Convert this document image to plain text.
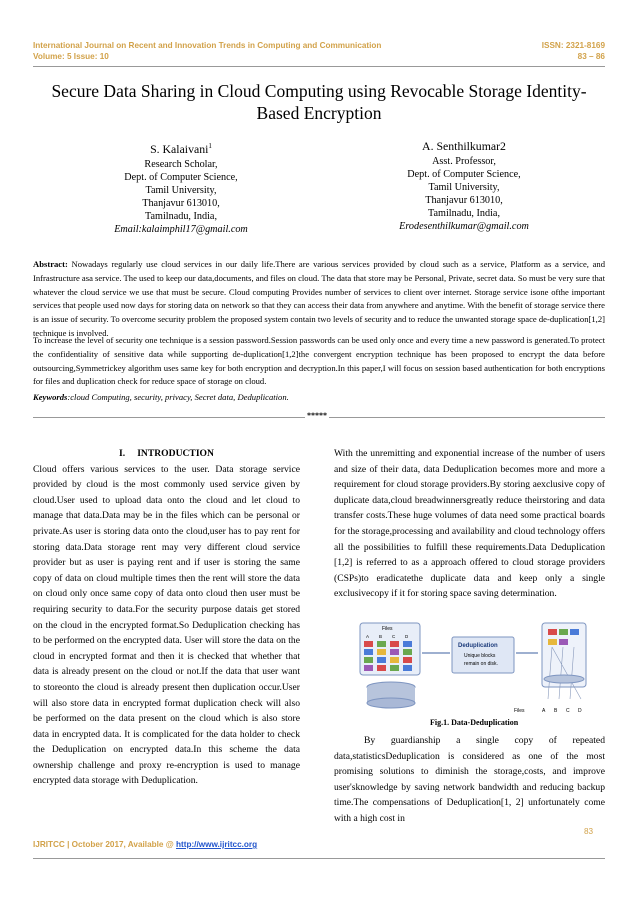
International Journal on Recent and Innovation Trends in Computing and Communication
Volume: 5 Issue: 10
ISSN: 2321-8169
83 – 86
Secure Data Sharing in Cloud Computing using Revocable Storage Identity-
Based Encryption
S. Kalaivani$^1$
Research Scholar,
Dept. of Computer Science,
Tamil University,
Thanjavur 613010,
Tamilnadu, India,
Email:kalaimphil17@gmail.com
A. Senthilkumar2
Asst. Professor,
Dept. of Computer Science,
Tamil University,
Thanjavur 613010,
Tamilnadu, India,
Erodesenthilkumar@gmail.com
Abstract: Nowadays regularly use cloud services in our daily life.There are various services provided by cloud such as a service, Platform as a service, and Infrastructure asa service. The used to keep our data,documents, and files on cloud. The data that store may be Personal, Private, secret data. So must be very sure that whatever the cloud service we use that must be secure. Cloud computing Provides number of services to client over internet. Storage service isone ofthe important services that people used now days for storing data on network so that they can access their data from anywhere and anytime. With the benefit of storage service there is an issue of security. To overcome security problem the proposed system contain two levels of security and to reduce the unwanted storage space de-duplication[1,2] technique is involved.
To increase the level of security one technique is a session password.Session passwords can be used only once and every time a new password is generated.To protect the confidentiality of sensitive data while supporting de-duplication[1,2]the convergent encryption technique has been proposed to encrypt the data before outsourcing,Symmetrickey algorithm uses same key for both encryption and decryption.In this paper,I will focus on session based authentication for both encryptions for files and duplication check for reduce space of storage on cloud.
Keywords:cloud Computing, security, privacy, Secret data, Deduplication.
*****
I. INTRODUCTION

Cloud offers various services to the user. Data storage service provided by cloud is the most commonly used service given by cloud.User used to upload data onto the cloud and let cloud to manage that data.Data may be in the files which can be personal or private.As user is storing data onto the cloud,user has to pay rent for storing data.Data storage rent may very different cloud service provider but as user is paying rent and if user is storing the same copy of data on cloud multiple times then the rent will store the data on cloud only once same copy of data onto cloud then user must be requiring security to data.For the security purpose datais get stored on the cloud in the encrypted format.So Deduplication checking has to be performed on the encrypted data. User will store the data on the cloud in encrypted format and then it is checked that whether that data is already present on the cloud or not.If the data that user want to storeonto the cloud is already present then duplication occur.User will also store data in encrypted format duplication check will also be performed on the data present on the cloud which is also store data in encrypted data. It is complicated for the data holder to check the Deduplication on encrypted data.In this scheme the data ownership challenge and proxy re-encryption is used to manage encrypted data storage with Deduplication.

With the unremitting and exponential increase of the number of users and size of their data, data Deduplication becomes more and more a requirement for cloud storage providers.By storing aexclusive copy of duplicate data,cloud breadwinnersgreatly reduce theirstoring and data transfer costs.These huge volumes of data need some practical boards for the storage,processing and availability and cloud technology offers all the possibilities to fulfill these requirements.Data Deduplication [1,2] is referred to as a approach offered to cloud storage providers (CSPs)to eradicatethe duplicate data and keep only a single exclusivecopy if it for storing space saving determination.

Files
A B C D
Deduplication
Unique blocks
remain on disk.
Files	A B C D
Fig.1. Data-Deduplication

By guardianship a single copy of repeated data,statisticsDeduplication is considered as one of the most promising solutions to diminish the storage,costs, and improve user'sknowledge by saving network bandwidth and reducing backup time.The compensations of Deduplication[1, 2] unfortunately come with a high cost in

83
IJRITCC | October 2017, Available @ http://www.ijritcc.org
